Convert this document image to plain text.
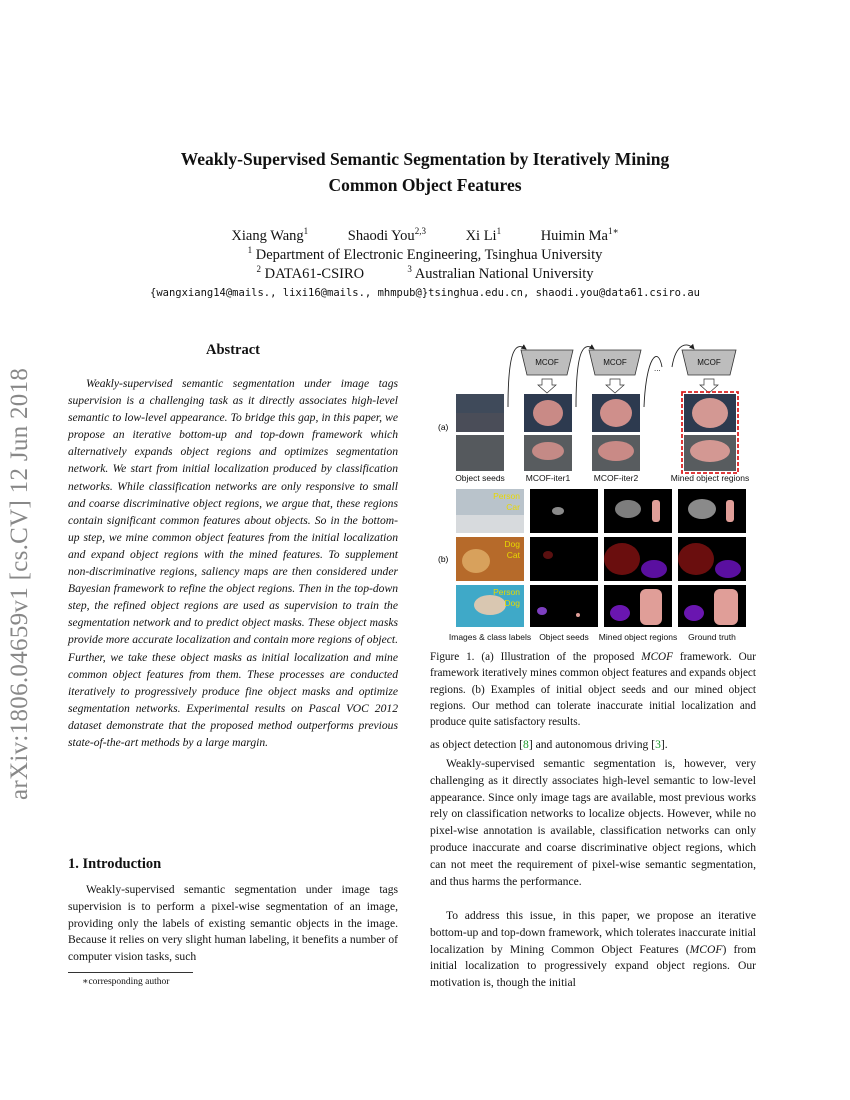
arXiv:1806.04659v1 [cs.CV] 12 Jun 2018
Weakly-Supervised Semantic Segmentation by Iteratively Mining
Common Object Features
Xiang Wang$^1$	Shaodi You$^{2,3}$	Xi Li$^1$	Huimin $Ma^{1∗}$
$^1$ Department of Electronic Engineering, Tsinghua University
$^2$ DATA61-CSIRO	$^3$ Australian National University
{wangxiang14@mails., lixi16@mails., mhmpub@}tsinghua.edu.cn, shaodi.you@data61.csiro.au
Abstract
Weakly-supervised semantic segmentation under image tags supervision is a challenging task as it directly associates high-level semantic to low-level appearance. To bridge this gap, in this paper, we propose an iterative bottom-up and top-down framework which alternatively expands object regions and optimizes segmentation network. We start from initial localization produced by classification networks. While classification networks are only responsive to small and coarse discriminative object regions, we argue that, these regions contain significant common features about objects. So in the bottom-up step, we mine common object features from the initial localization and expand object regions with the mined features. To supplement non-discriminative regions, saliency maps are then considered under Bayesian framework to refine the object regions. Then in the top-down step, the refined object regions are used as supervision to train the segmentation network and to predict object masks. These object masks provide more accurate localization and contain more regions of object. Further, we take these object masks as initial localization and mine common object features from them. These processes are conducted iteratively to progressively produce fine object masks and optimize segmentation networks. Experimental results on Pascal VOC 2012 dataset demonstrate that the proposed method outperforms previous state-of-the-art methods by a large margin.
1. Introduction
Weakly-supervised semantic segmentation under image tags supervision is to perform a pixel-wise segmentation of an image, providing only the labels of existing semantic objects in the image. Because it relies on very slight human labeling, it benefits a number of computer vision tasks, such
∗corresponding author
MCOF	MCOF	MCOF
...
(a)
Object seeds MCOF-iter1	MCOF-iter2	Mined object regions
(b)
Person
Car
Dog
Cat
Person
Dog
Images & class labels Object seeds Mined object regions Ground truth
Figure 1. (a) Illustration of the proposed MCOF framework. Our framework iteratively mines common object features and expands object regions. (b) Examples of initial object seeds and our mined object regions. Our method can tolerate inaccurate initial localization and produce quite satisfactory results.
as object detection [8] and autonomous driving [3].
Weakly-supervised semantic segmentation is, however, very challenging as it directly associates high-level semantic to low-level appearance. Since only image tags are available, most previous works rely on classification networks to localize objects. However, while no pixel-wise annotation is available, classification networks can only produce inaccurate and coarse discriminative object regions, which can not meet the requirement of pixel-wise semantic segmentation, and thus harms the performance.
To address this issue, in this paper, we propose an iterative bottom-up and top-down framework, which tolerates inaccurate initial localization by Mining Common Object Features (MCOF) from initial localization to progressively expand object regions. Our motivation is, though the initial
